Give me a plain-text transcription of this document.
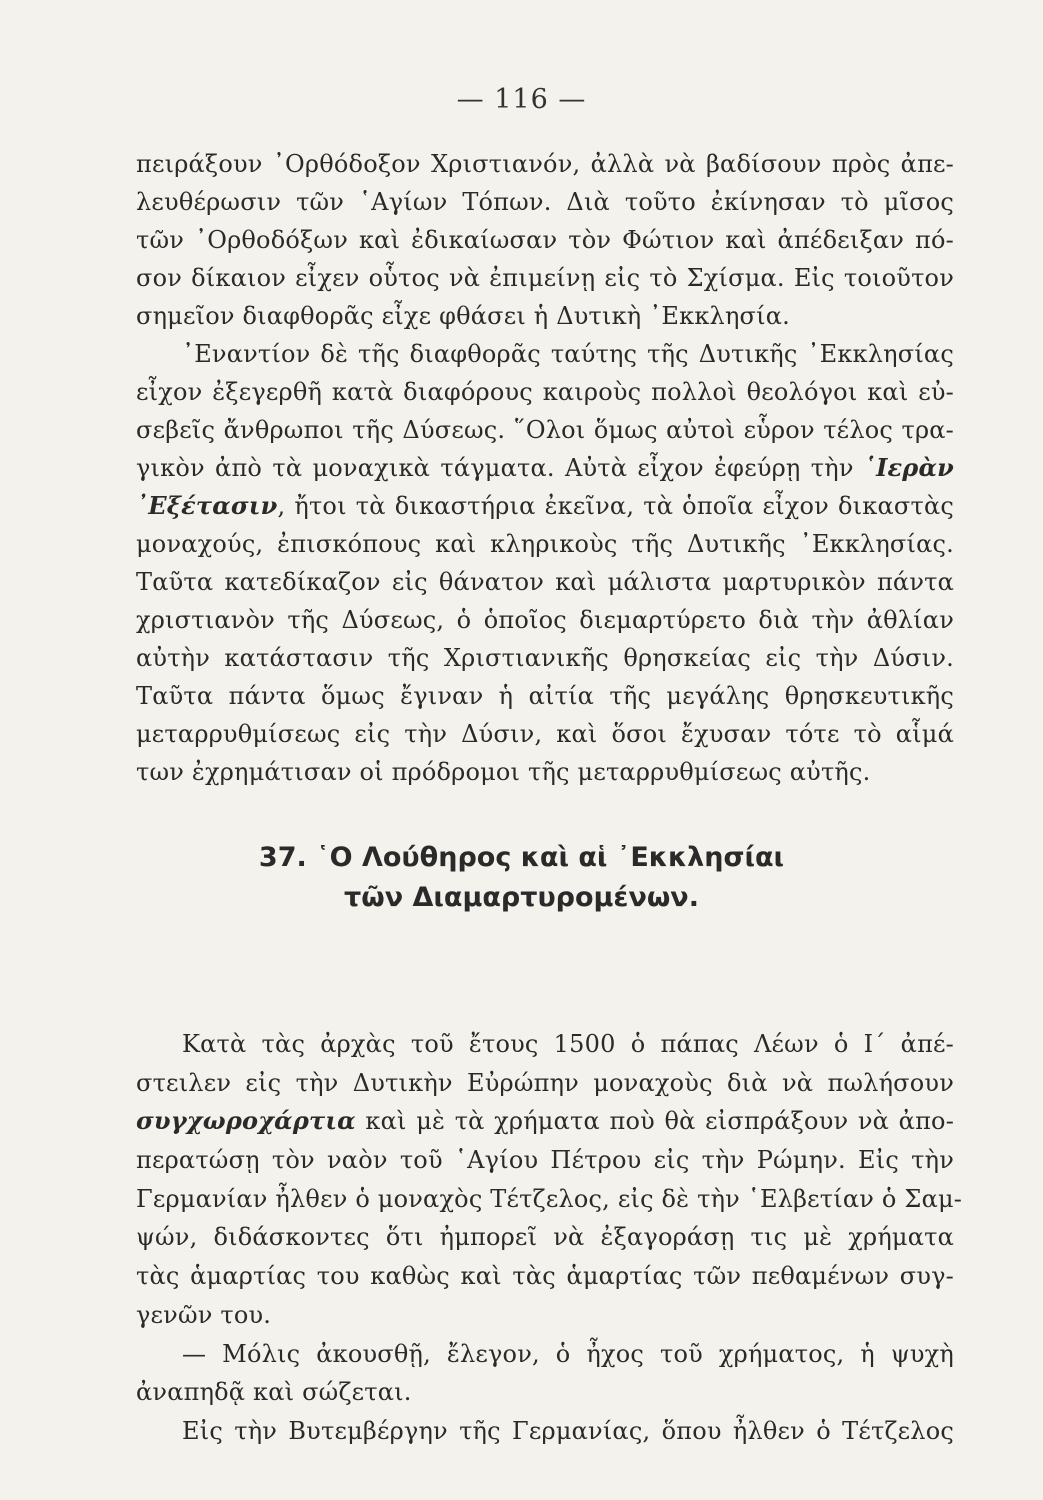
— 116 —
πειράξουν ᾿Ορθόδοξον Χριστιανόν, ἀλλὰ νὰ βαδίσουν πρὸς ἀπε-
λευθέρωσιν τῶν ῾Αγίων Τόπων. Διὰ τοῦτο ἐκίνησαν τὸ μῖσος
τῶν ᾿Ορθοδόξων καὶ ἐδικαίωσαν τὸν Φώτιον καὶ ἀπέδειξαν πό-
σον δίκαιον εἶχεν οὗτος νὰ ἐπιμείνῃ εἰς τὸ Σχίσμα. Εἰς τοιοῦτον
σημεῖον διαφθορᾶς εἶχε φθάσει ἡ Δυτικὴ ᾿Εκκλησία.
᾿Εναντίον δὲ τῆς διαφθορᾶς ταύτης τῆς Δυτικῆς ᾿Εκκλησίας
εἶχον ἐξεγερθῆ κατὰ διαφόρους καιροὺς πολλοὶ θεολόγοι καὶ εὐ-
σεβεῖς ἄνθρωποι τῆς Δύσεως. ῞Ολοι ὅμως αὐτοὶ εὗρον τέλος τρα-
γικὸν ἀπὸ τὰ μοναχικὰ τάγματα. Αὐτὰ εἶχον ἐφεύρῃ τὴν ῾Ιερὰν
᾿Εξέτασιν, ἤτοι τὰ δικαστήρια ἐκεῖνα, τὰ ὁποῖα εἶχον δικαστὰς
μοναχούς, ἐπισκόπους καὶ κληρικοὺς τῆς Δυτικῆς ᾿Εκκλησίας.
Ταῦτα κατεδίκαζον εἰς θάνατον καὶ μάλιστα μαρτυρικὸν πάντα
χριστιανὸν τῆς Δύσεως, ὁ ὁποῖος διεμαρτύρετο διὰ τὴν ἀθλίαν
αὐτὴν κατάστασιν τῆς Χριστιανικῆς θρησκείας εἰς τὴν Δύσιν.
Ταῦτα πάντα ὅμως ἔγιναν ἡ αἰτία τῆς μεγάλης θρησκευτικῆς
μεταρρυθμίσεως εἰς τὴν Δύσιν, καὶ ὅσοι ἔχυσαν τότε τὸ αἷμά
των ἐχρημάτισαν οἱ πρόδρομοι τῆς μεταρρυθμίσεως αὐτῆς.
37. ῾Ο Λούθηρος καὶ αἱ ᾿Εκκλησίαι
τῶν Διαμαρτυρομένων.
Κατὰ τὰς ἀρχὰς τοῦ ἔτους 1500 ὁ πάπας Λέων ὁ Ι΄ ἀπέ-
στειλεν εἰς τὴν Δυτικὴν Εὐρώπην μοναχοὺς διὰ νὰ πωλήσουν
συγχωροχάρτια καὶ μὲ τὰ χρήματα ποὺ θὰ εἰσπράξουν νὰ ἀπο-
περατώσῃ τὸν ναὸν τοῦ ῾Αγίου Πέτρου εἰς τὴν Ρώμην. Εἰς τὴν
Γερμανίαν ἦλθεν ὁ μοναχὸς Τέτζελος, εἰς δὲ τὴν ῾Ελβετίαν ὁ Σαμ-
ψών, διδάσκοντες ὅτι ἠμπορεῖ νὰ ἐξαγοράσῃ τις μὲ χρήματα
τὰς ἁμαρτίας του καθὼς καὶ τὰς ἁμαρτίας τῶν πεθαμένων συγ-
γενῶν του.
— Μόλις ἀκουσθῇ, ἔλεγον, ὁ ἦχος τοῦ χρήματος, ἡ ψυχὴ
ἀναπηδᾷ καὶ σώζεται.
Εἰς τὴν Βυτεμβέργην τῆς Γερμανίας, ὅπου ἦλθεν ὁ Τέτζελος
